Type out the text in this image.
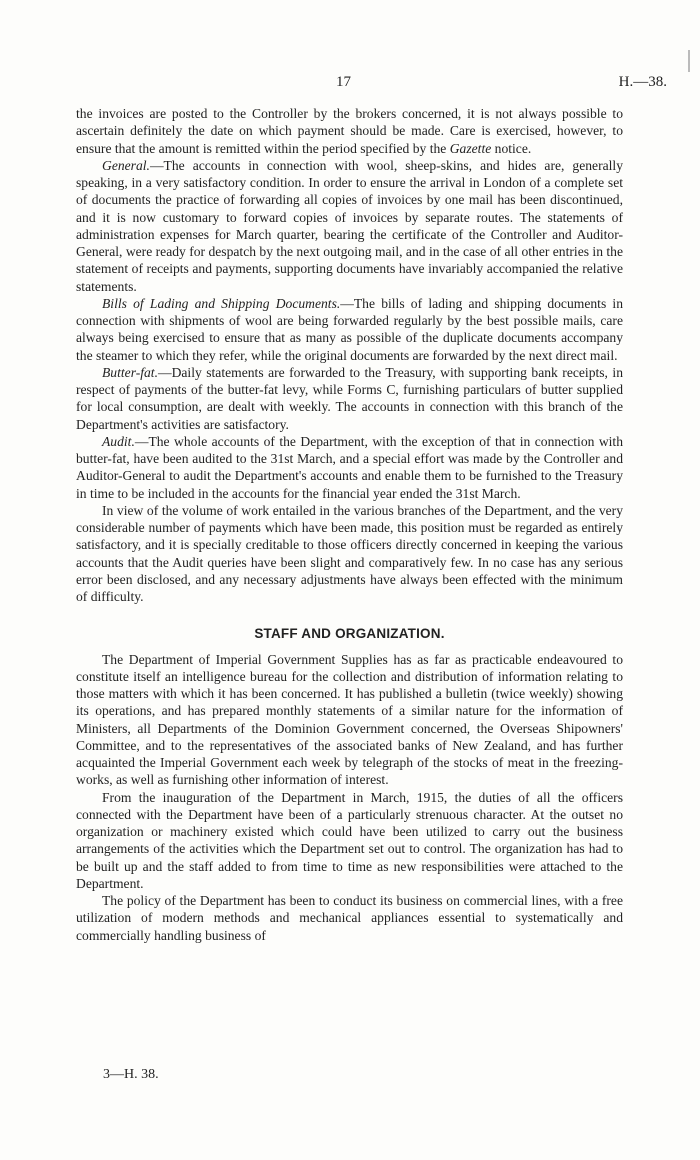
17	H.—38.

the invoices are posted to the Controller by the brokers concerned, it is not always possible to ascertain definitely the date on which payment should be made. Care is exercised, however, to ensure that the amount is remitted within the period specified by the Gazette notice.

General.—The accounts in connection with wool, sheep-skins, and hides are, generally speaking, in a very satisfactory condition. In order to ensure the arrival in London of a complete set of documents the practice of forwarding all copies of invoices by one mail has been discontinued, and it is now customary to forward copies of invoices by separate routes. The statements of administration expenses for March quarter, bearing the certificate of the Controller and Auditor-General, were ready for despatch by the next outgoing mail, and in the case of all other entries in the statement of receipts and payments, supporting documents have invariably accompanied the relative statements.

Bills of Lading and Shipping Documents.—The bills of lading and shipping documents in connection with shipments of wool are being forwarded regularly by the best possible mails, care always being exercised to ensure that as many as possible of the duplicate documents accompany the steamer to which they refer, while the original documents are forwarded by the next direct mail.

Butter-fat.—Daily statements are forwarded to the Treasury, with supporting bank receipts, in respect of payments of the butter-fat levy, while Forms C, furnishing particulars of butter supplied for local consumption, are dealt with weekly. The accounts in connection with this branch of the Department's activities are satisfactory.

Audit.—The whole accounts of the Department, with the exception of that in connection with butter-fat, have been audited to the 31st March, and a special effort was made by the Controller and Auditor-General to audit the Department's accounts and enable them to be furnished to the Treasury in time to be included in the accounts for the financial year ended the 31st March.

In view of the volume of work entailed in the various branches of the Department, and the very considerable number of payments which have been made, this position must be regarded as entirely satisfactory, and it is specially creditable to those officers directly concerned in keeping the various accounts that the Audit queries have been slight and comparatively few. In no case has any serious error been disclosed, and any necessary adjustments have always been effected with the minimum of difficulty.

STAFF AND ORGANIZATION.

The Department of Imperial Government Supplies has as far as practicable endeavoured to constitute itself an intelligence bureau for the collection and distribution of information relating to those matters with which it has been concerned. It has published a bulletin (twice weekly) showing its operations, and has prepared monthly statements of a similar nature for the information of Ministers, all Departments of the Dominion Government concerned, the Overseas Shipowners' Committee, and to the representatives of the associated banks of New Zealand, and has further acquainted the Imperial Government each week by telegraph of the stocks of meat in the freezing-works, as well as furnishing other information of interest.

From the inauguration of the Department in March, 1915, the duties of all the officers connected with the Department have been of a particularly strenuous character. At the outset no organization or machinery existed which could have been utilized to carry out the business arrangements of the activities which the Department set out to control. The organization has had to be built up and the staff added to from time to time as new responsibilities were attached to the Department.

The policy of the Department has been to conduct its business on commercial lines, with a free utilization of modern methods and mechanical appliances essential to systematically and commercially handling business of

3—H. 38.
